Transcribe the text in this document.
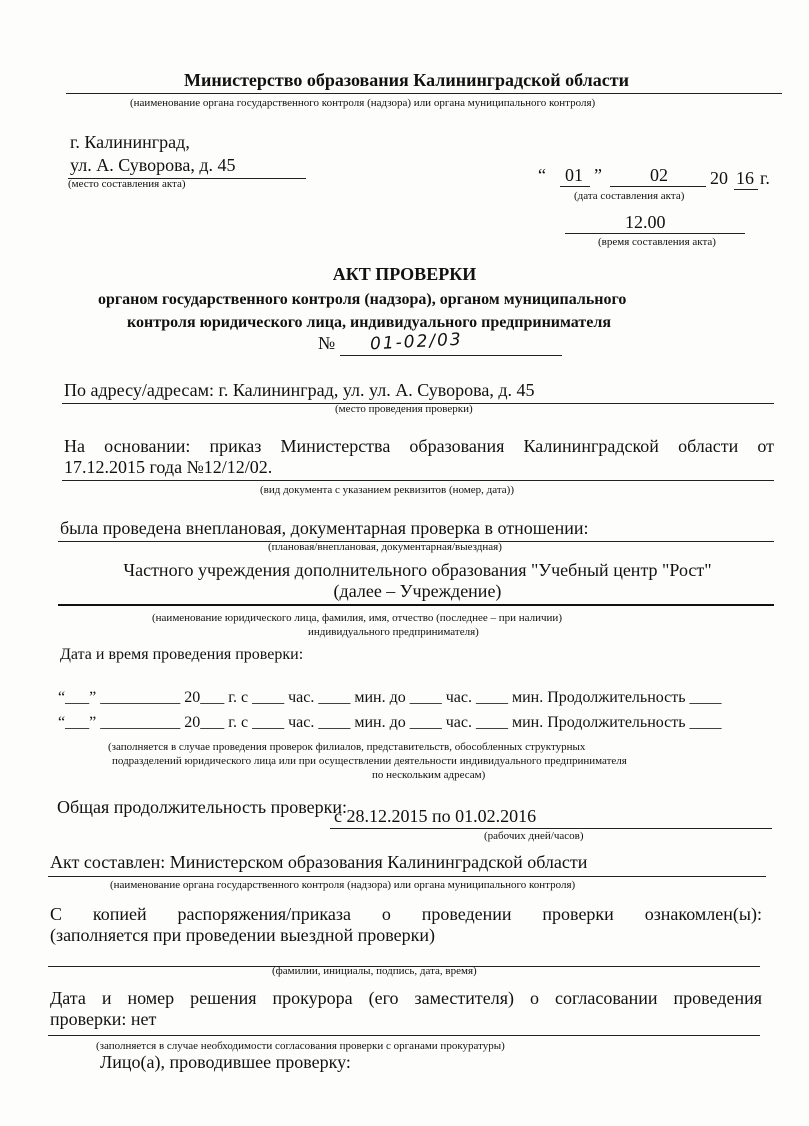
Министерство образования Калининградской области
(наименование органа государственного контроля (надзора) или органа муниципального контроля)
г. Калининград,
ул. А. Суворова, д. 45
(место составления акта)	“ 01 ”	02 20 16 г.
(дата составления акта)
12.00
(время составления акта)
АКТ ПРОВЕРКИ
органом государственного контроля (надзора), органом муниципального
контроля юридического лица, индивидуального предпринимателя
№ 01-02/03
По адресу/адресам: г. Калининград, ул. ул. А. Суворова, д. 45
(место проведения проверки)
На основании: приказ Министерства образования Калининградской области от
17.12.2015 года №12/12/02.
(вид документа с указанием реквизитов (номер, дата))
была проведена внеплановая, документарная проверка в отношении:
(плановая/внеплановая, документарная/выездная)
Частного учреждения дополнительного образования "Учебный центр "Рост"
(далее – Учреждение)
(наименование юридического лица, фамилия, имя, отчество (последнее – при наличии)
индивидуального предпринимателя)
Дата и время проведения проверки:
“___” __________ 20___ г. с ____ час. ____ мин. до ____ час. ____ мин. Продолжительность ____
“___” __________ 20___ г. с ____ час. ____ мин. до ____ час. ____ мин. Продолжительность ____
(заполняется в случае проведения проверок филиалов, представительств, обособленных структурных
подразделений юридического лица или при осуществлении деятельности индивидуального предпринимателя
по нескольким адресам)
Общая продолжительность проверки:
с 28.12.2015 по 01.02.2016
(рабочих дней/часов)
Акт составлен: Министерском образования Калининградской области
(наименование органа государственного контроля (надзора) или органа муниципального контроля)
С копией распоряжения/приказа о проведении проверки ознакомлен(ы):
(заполняется при проведении выездной проверки)
(фамилии, инициалы, подпись, дата, время)
Дата и номер решения прокурора (его заместителя) о согласовании проведения
проверки: нет
(заполняется в случае необходимости согласования проверки с органами прокуратуры)
Лицо(а), проводившее проверку:
